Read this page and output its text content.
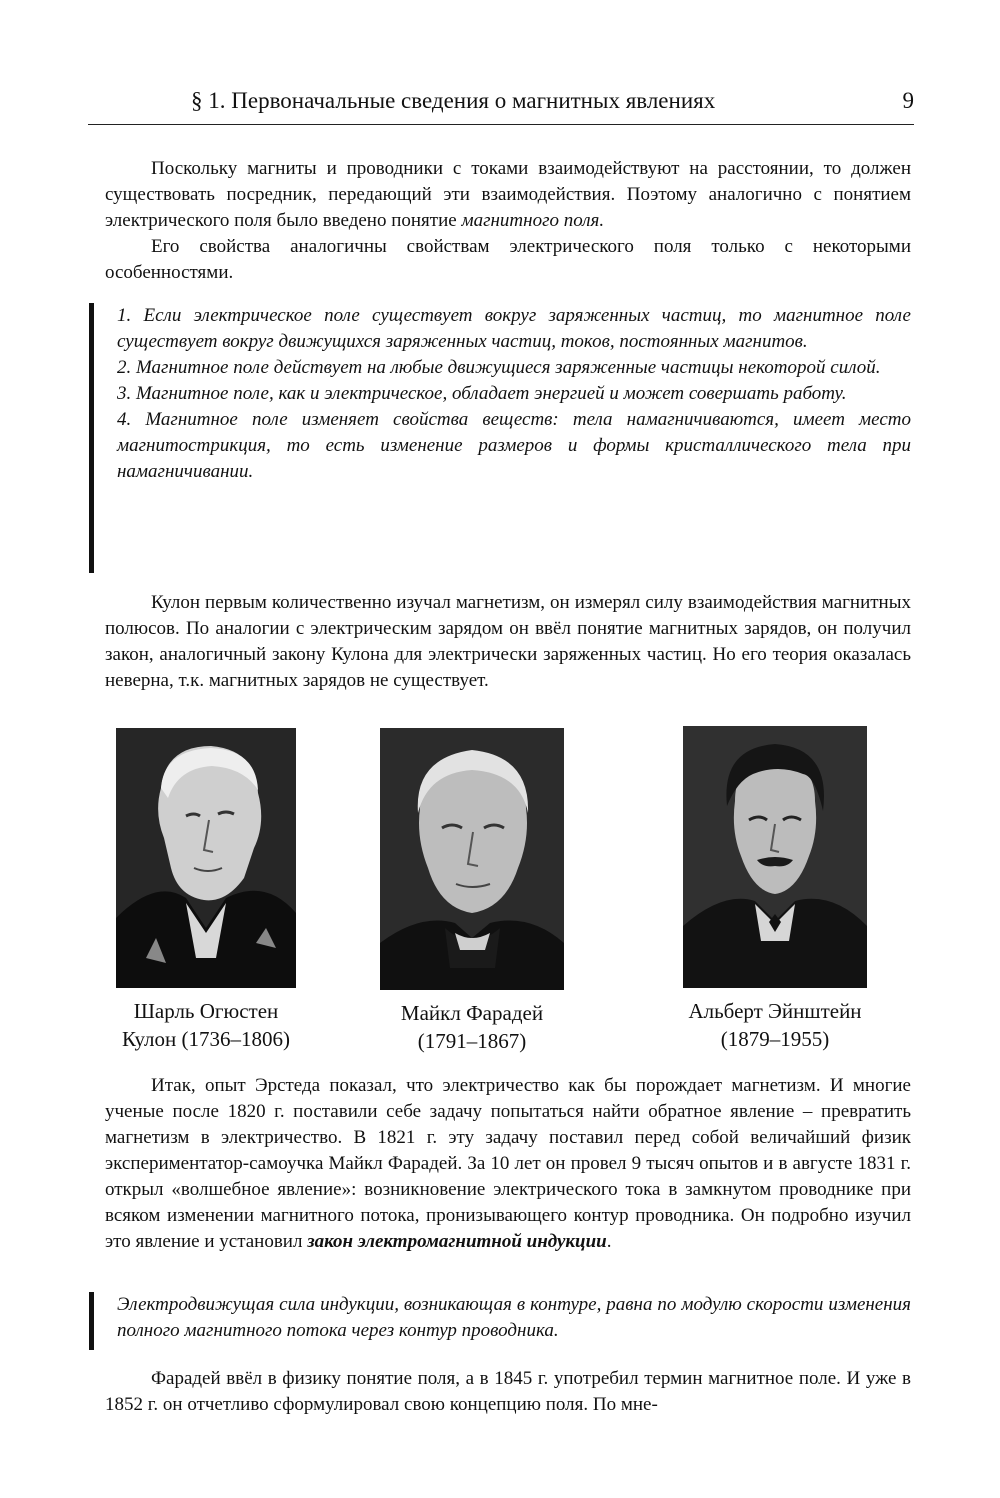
§ 1. Первоначальные сведения о магнитных явлениях	9

Поскольку магниты и проводники с токами взаимодействуют на расстоянии, то должен существовать посредник, передающий эти взаимодействия. Поэтому аналогично с понятием электрического поля было введено понятие магнитного поля.

Его свойства аналогичны свойствам электрического поля только с некоторыми особенностями.

1. Если электрическое поле существует вокруг заряженных частиц, то магнитное поле существует вокруг движущихся заряженных частиц, токов, постоянных магнитов.

2. Магнитное поле действует на любые движущиеся заряженные частицы некоторой силой.

3. Магнитное поле, как и электрическое, обладает энергией и может совершать работу.

4. Магнитное поле изменяет свойства веществ: тела намагничиваются, имеет место магнитострикция, то есть изменение размеров и формы кристаллического тела при намагничивании.

Кулон первым количественно изучал магнетизм, он измерял силу взаимодействия магнитных полюсов. По аналогии с электрическим зарядом он ввёл понятие магнитных зарядов, он получил закон, аналогичный закону Кулона для электрически заряженных частиц. Но его теория оказалась неверна, т.к. магнитных зарядов не существует.

Шарль Огюстен
Кулон (1736–1806)
Майкл Фарадей
(1791–1867)
Альберт Эйнштейн
(1879–1955)

Итак, опыт Эрстеда показал, что электричество как бы порождает магнетизм. И многие ученые после 1820 г. поставили себе задачу попытаться найти обратное явление – превратить магнетизм в электричество. В 1821 г. эту задачу поставил перед собой величайший физик экспериментатор-самоучка Майкл Фарадей. За 10 лет он провел 9 тысяч опытов и в августе 1831 г. открыл «волшебное явление»: возникновение электрического тока в замкнутом проводнике при всяком изменении магнитного потока, пронизывающего контур проводника. Он подробно изучил это явление и установил закон электромагнитной индукции.

Электродвижущая сила индукции, возникающая в контуре, равна по модулю скорости изменения полного магнитного потока через контур проводника.

Фарадей ввёл в физику понятие поля, а в 1845 г. употребил термин магнитное поле. И уже в 1852 г. он отчетливо сформулировал свою концепцию поля. По мне-
